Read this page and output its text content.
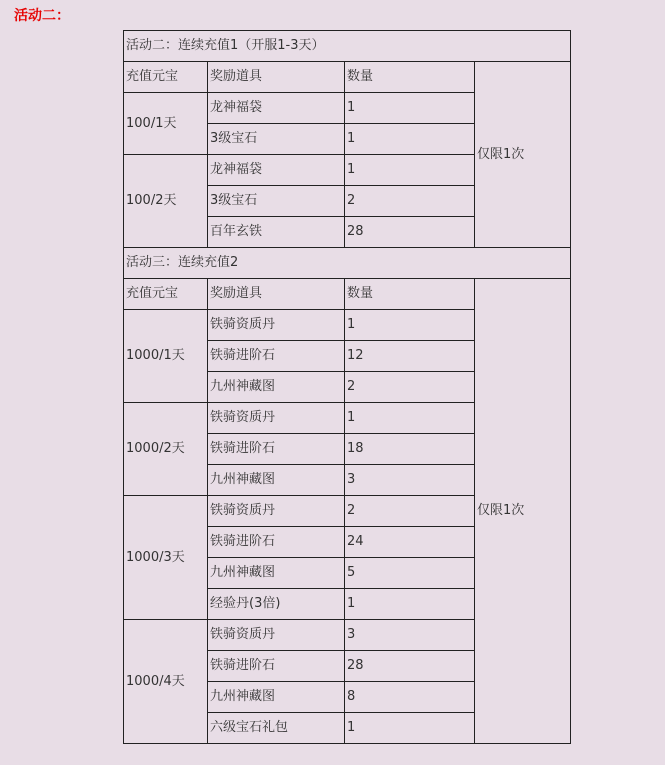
活动二：
活动二：连续充值1（开服1-3天）			
充值元宝	奖励道具	数量	仅限1次
100/1天	龙神福袋	1	
	3级宝石	1	
100/2天	龙神福袋	1	
	3级宝石	2	
	百年玄铁	28	
活动三：连续充值2			
充值元宝	奖励道具	数量	仅限1次
1000/1天	铁骑资质丹	1	
	铁骑进阶石	12	
	九州神藏图	2	
1000/2天	铁骑资质丹	1	
	铁骑进阶石	18	
	九州神藏图	3	
1000/3天	铁骑资质丹	2	
	铁骑进阶石	24	
	九州神藏图	5	
	经验丹(3倍)	1	
1000/4天	铁骑资质丹	3	
	铁骑进阶石	28	
	九州神藏图	8	
	六级宝石礼包	1	
